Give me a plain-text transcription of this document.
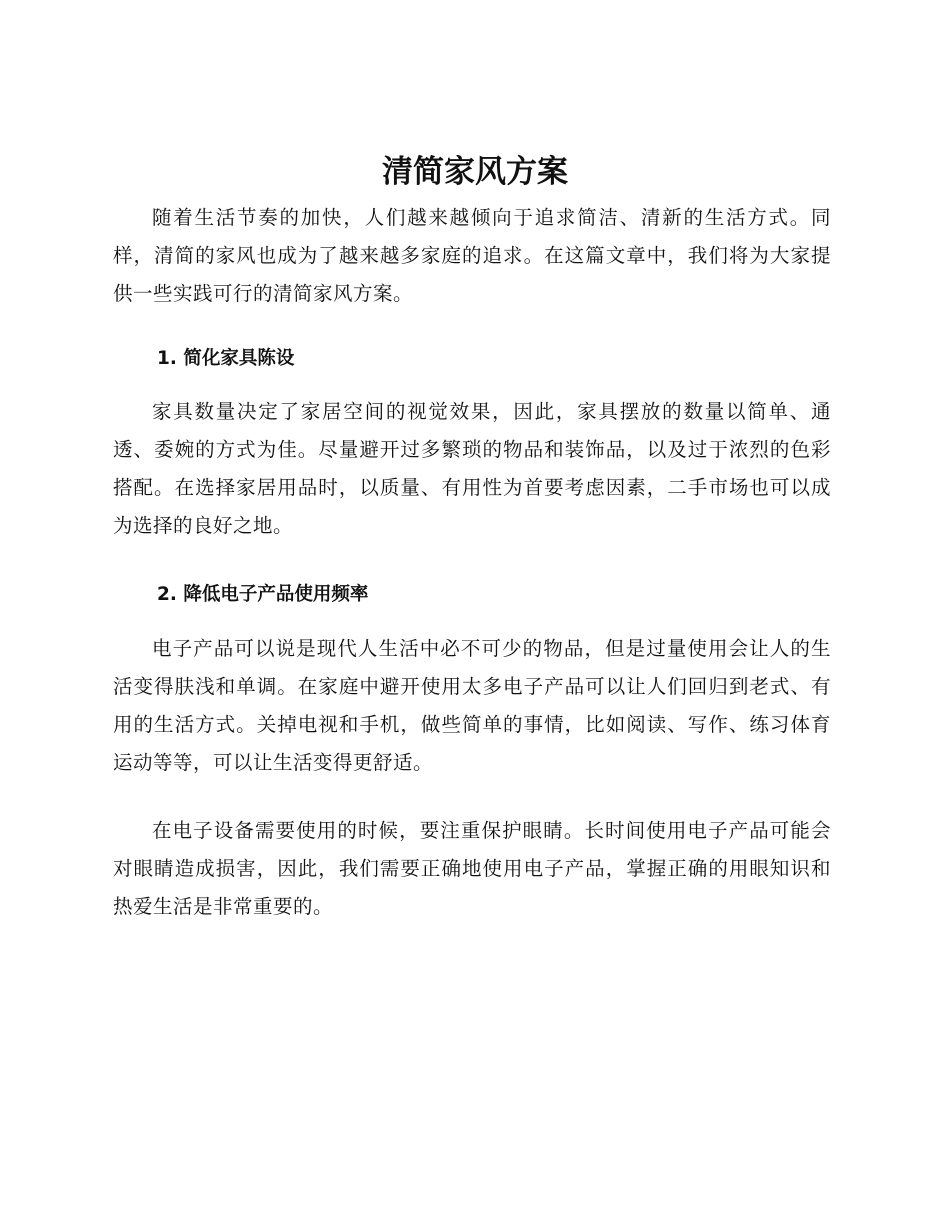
清简家风方案

随着生活节奏的加快，人们越来越倾向于追求简洁、清新的生活方式。同样，清简的家风也成为了越来越多家庭的追求。在这篇文章中，我们将为大家提供一些实践可行的清简家风方案。

1. 简化家具陈设

家具数量决定了家居空间的视觉效果，因此，家具摆放的数量以简单、通透、委婉的方式为佳。尽量避开过多繁琐的物品和装饰品，以及过于浓烈的色彩搭配。在选择家居用品时，以质量、有用性为首要考虑因素，二手市场也可以成为选择的良好之地。

2. 降低电子产品使用频率

电子产品可以说是现代人生活中必不可少的物品，但是过量使用会让人的生活变得肤浅和单调。在家庭中避开使用太多电子产品可以让人们回归到老式、有用的生活方式。关掉电视和手机，做些简单的事情，比如阅读、写作、练习体育运动等等，可以让生活变得更舒适。

在电子设备需要使用的时候，要注重保护眼睛。长时间使用电子产品可能会对眼睛造成损害，因此，我们需要正确地使用电子产品，掌握正确的用眼知识和热爱生活是非常重要的。
